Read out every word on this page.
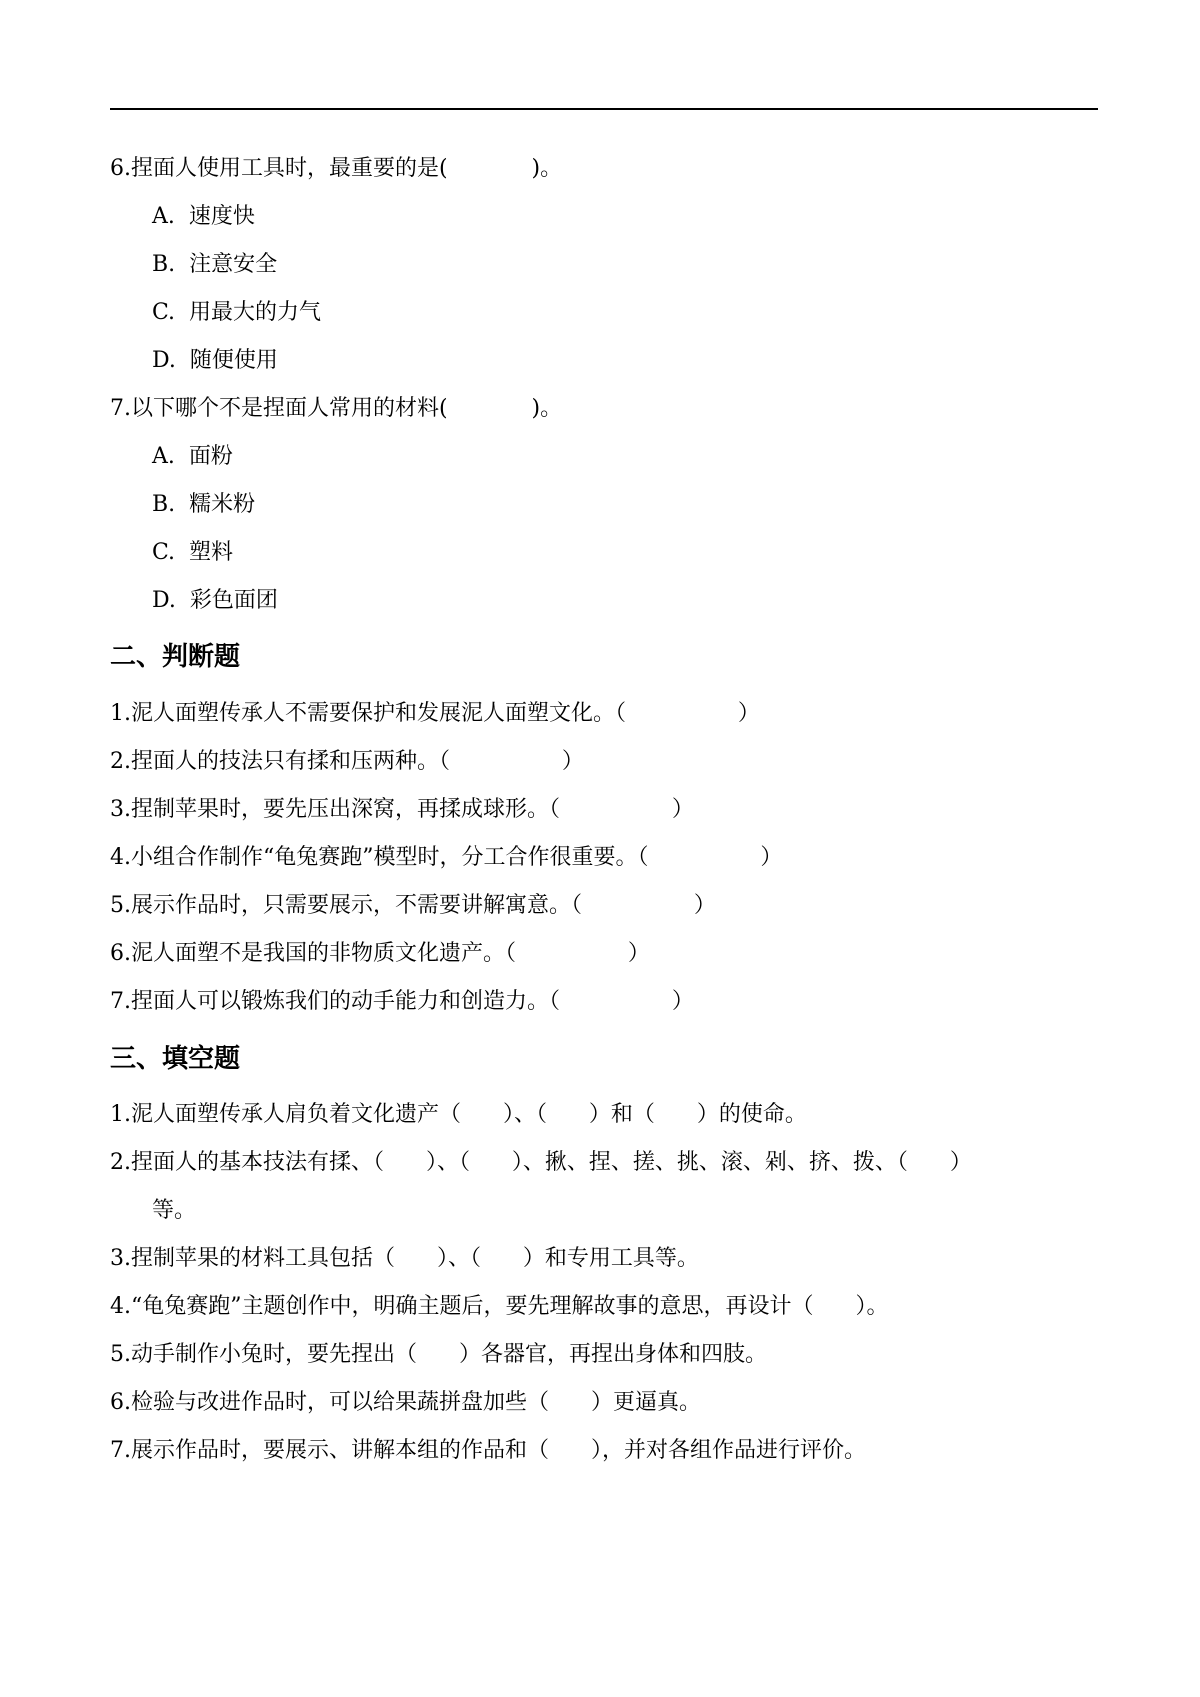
6.捏面人使用工具时，最重要的是(            )。
A.  速度快
B.  注意安全
C.  用最大的力气
D.  随便使用
7.以下哪个不是捏面人常用的材料(            )。
A.  面粉
B.  糯米粉
C.  塑料
D.  彩色面团
二、判断题
1.泥人面塑传承人不需要保护和发展泥人面塑文化。（                ）
2.捏面人的技法只有揉和压两种。（                ）
3.捏制苹果时，要先压出深窝，再揉成球形。（                ）
4.小组合作制作“龟兔赛跑”模型时，分工合作很重要。（                ）
5.展示作品时，只需要展示，不需要讲解寓意。（                ）
6.泥人面塑不是我国的非物质文化遗产。（                ）
7.捏面人可以锻炼我们的动手能力和创造力。（                ）
三、填空题
1.泥人面塑传承人肩负着文化遗产（      ）、（      ）和（      ）的使命。
2.捏面人的基本技法有揉、（      ）、（      ）、揪、捏、搓、挑、滚、剁、挤、拨、（      ）
等。
3.捏制苹果的材料工具包括（      ）、（      ）和专用工具等。
4.“龟兔赛跑”主题创作中，明确主题后，要先理解故事的意思，再设计（      ）。
5.动手制作小兔时，要先捏出（      ）各器官，再捏出身体和四肢。
6.检验与改进作品时，可以给果蔬拼盘加些（      ）更逼真。
7.展示作品时，要展示、讲解本组的作品和（      ），并对各组作品进行评价。
